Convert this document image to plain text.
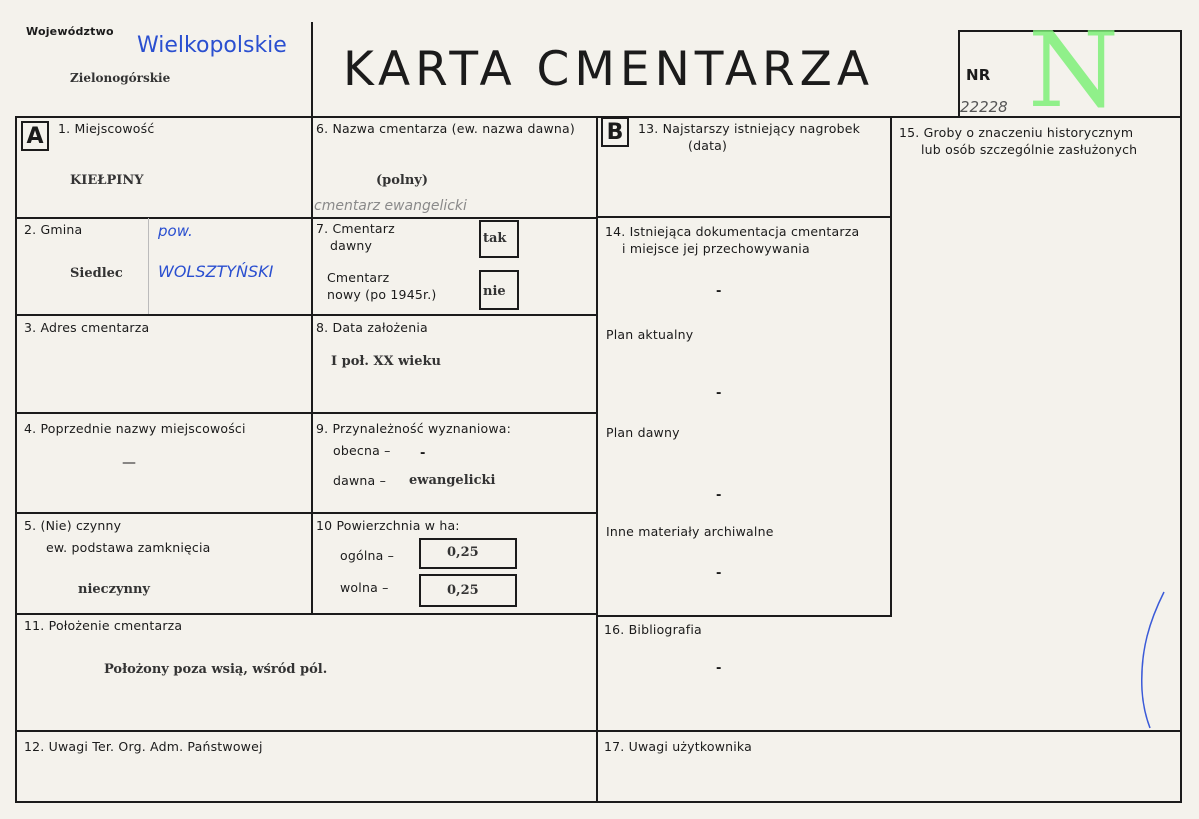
N
NR
22228
Województwo
Wielkopolskie
Zielonogórskie	KARTA CMENTARZA
A	1. Miejscowość
KIEŁPINY
2. Gmina
Siedlec
pow.
WOLSZTYŃSKI
3. Adres cmentarza
4. Poprzednie nazwy miejscowości
—
5. (Nie) czynny
ew. podstawa zamknięcia
nieczynny
6. Nazwa cmentarza (ew. nazwa dawna)
(polny)
cmentarz ewangelicki
7. Cmentarz
dawny	tak
Cmentarz
nowy (po 1945r.)	nie
8. Data założenia
I poł. XX wieku
9. Przynależność wyznaniowa:
obecna – -
dawna – ewangelicki
10 Powierzchnia w ha:
ogólna –	0,25
wolna –	0,25
11. Położenie cmentarza
Położony poza wsią, wśród pól.
12. Uwagi Ter. Org. Adm. Państwowej
B	13. Najstarszy istniejący nagrobek
(data)
14. Istniejąca dokumentacja cmentarza
i miejsce jej przechowywania
-
Plan aktualny
-
Plan dawny
-
Inne materiały archiwalne
-
15. Groby o znaczeniu historycznym
lub osób szczególnie zasłużonych
16. Bibliografia
-
17. Uwagi użytkownika
